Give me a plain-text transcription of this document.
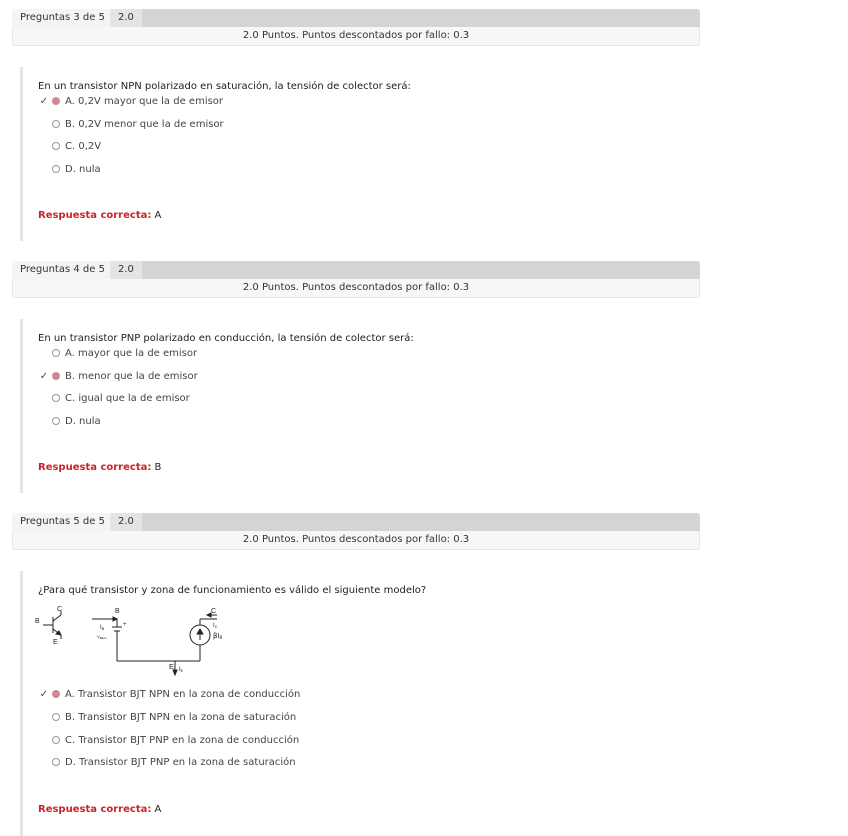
Preguntas 3 de 5	2.0
2.0 Puntos. Puntos descontados por fallo: 0.3
En un transistor NPN polarizado en saturación, la tensión de colector será:
✓ A. 0,2V mayor que la de emisor
B. 0,2V menor que la de emisor
C. 0,2V
D. nula
Respuesta correcta: A
Preguntas 4 de 5	2.0
2.0 Puntos. Puntos descontados por fallo: 0.3
En un transistor PNP polarizado en conducción, la tensión de colector será:
A. mayor que la de emisor
✓ B. menor que la de emisor
C. igual que la de emisor
D. nula
Respuesta correcta: B
Preguntas 5 de 5	2.0
2.0 Puntos. Puntos descontados por fallo: 0.3
¿Para qué transistor y zona de funcionamiento es válido el siguiente modelo?
B
C
E
B	C
E
+
IB
$V_{BEon}$
IC
βIB
IE
✓ A. Transistor BJT NPN en la zona de conducción
B. Transistor BJT NPN en la zona de saturación
C. Transistor BJT PNP en la zona de conducción
D. Transistor BJT PNP en la zona de saturación
Respuesta correcta: A
